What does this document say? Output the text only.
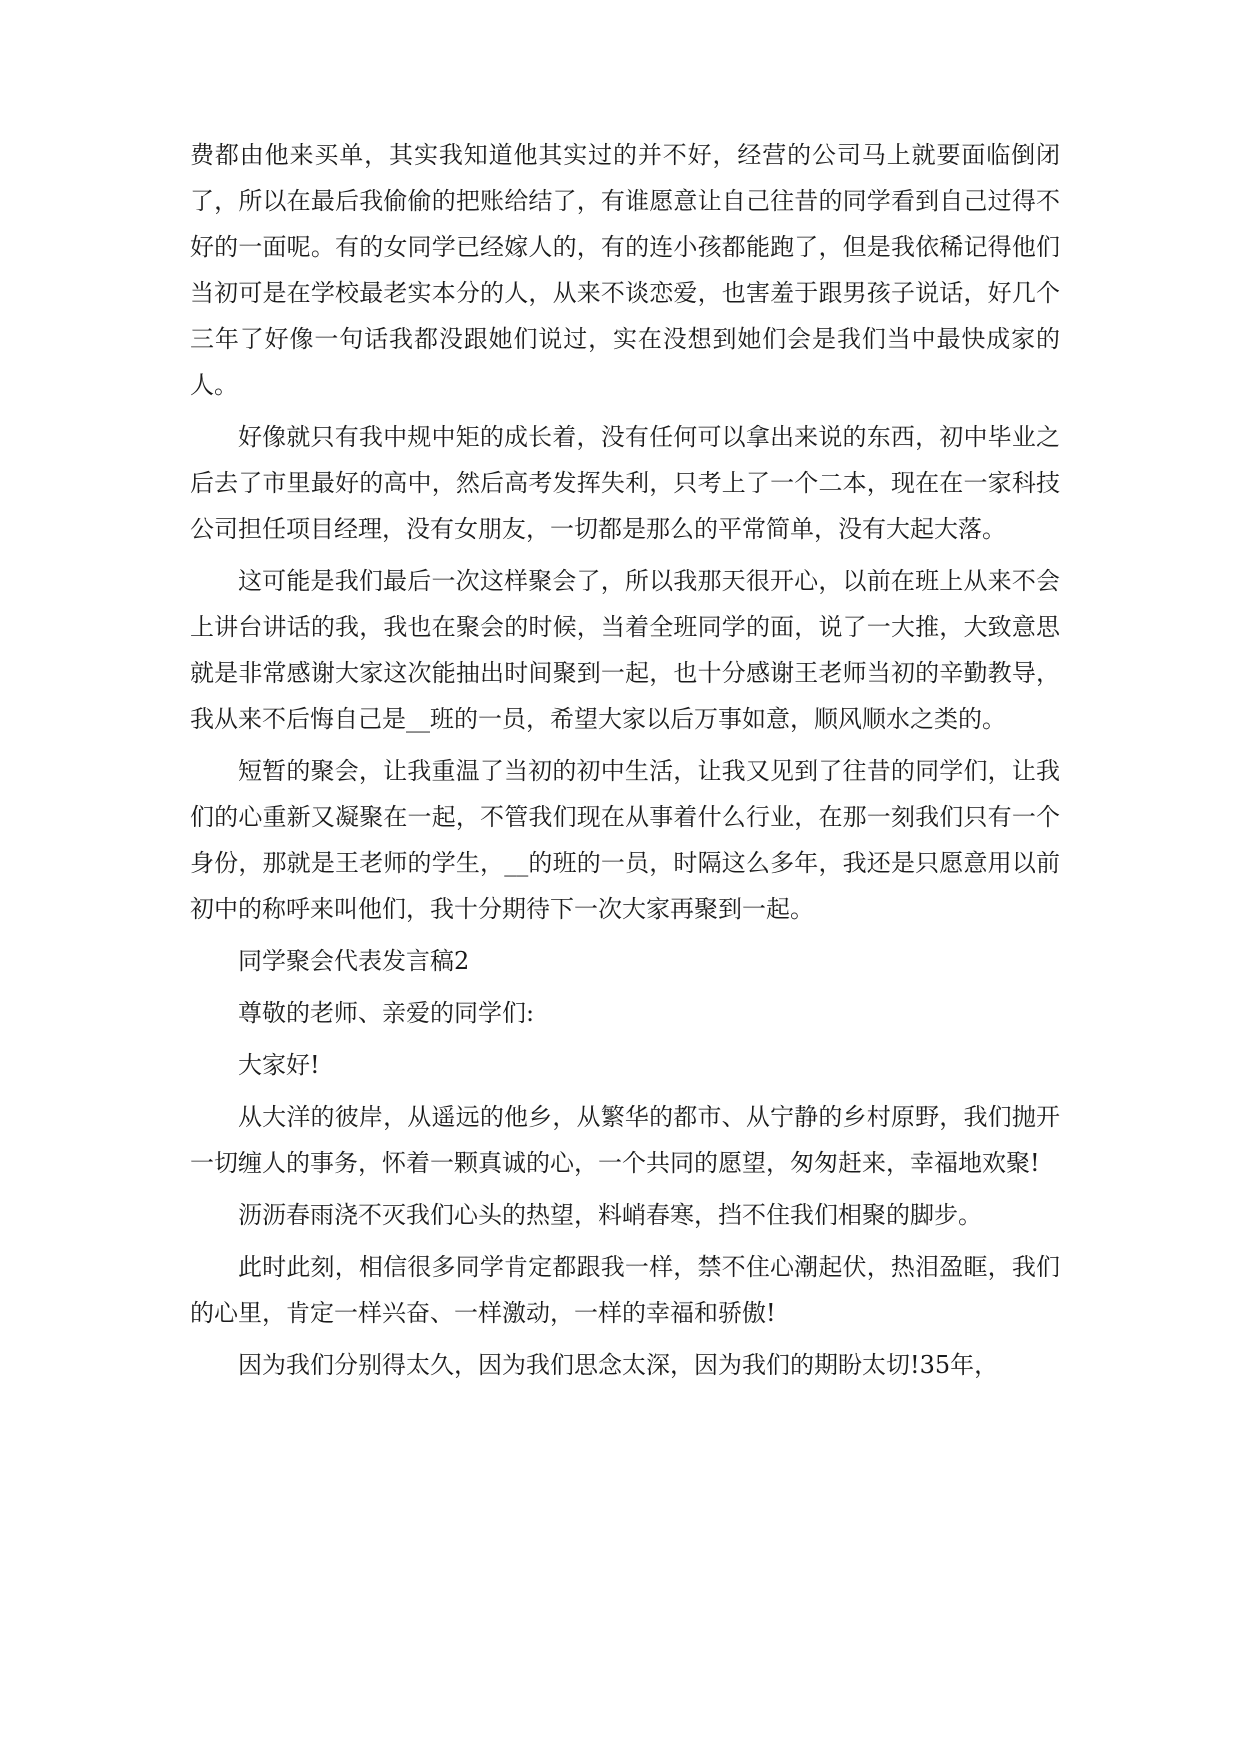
费都由他来买单，其实我知道他其实过的并不好，经营的公司马上就要面临倒闭了，所以在最后我偷偷的把账给结了，有谁愿意让自己往昔的同学看到自己过得不好的一面呢。有的女同学已经嫁人的，有的连小孩都能跑了，但是我依稀记得他们当初可是在学校最老实本分的人，从来不谈恋爱，也害羞于跟男孩子说话，好几个三年了好像一句话我都没跟她们说过，实在没想到她们会是我们当中最快成家的人。

好像就只有我中规中矩的成长着，没有任何可以拿出来说的东西，初中毕业之后去了市里最好的高中，然后高考发挥失利，只考上了一个二本，现在在一家科技公司担任项目经理，没有女朋友，一切都是那么的平常简单，没有大起大落。

这可能是我们最后一次这样聚会了，所以我那天很开心，以前在班上从来不会上讲台讲话的我，我也在聚会的时候，当着全班同学的面，说了一大推，大致意思就是非常感谢大家这次能抽出时间聚到一起，也十分感谢王老师当初的辛勤教导，我从来不后悔自己是__班的一员，希望大家以后万事如意，顺风顺水之类的。

短暂的聚会，让我重温了当初的初中生活，让我又见到了往昔的同学们，让我们的心重新又凝聚在一起，不管我们现在从事着什么行业，在那一刻我们只有一个身份，那就是王老师的学生，__的班的一员，时隔这么多年，我还是只愿意用以前初中的称呼来叫他们，我十分期待下一次大家再聚到一起。

同学聚会代表发言稿2

尊敬的老师、亲爱的同学们:

大家好!

从大洋的彼岸，从遥远的他乡，从繁华的都市、从宁静的乡村原野，我们抛开一切缠人的事务，怀着一颗真诚的心，一个共同的愿望，匆匆赶来，幸福地欢聚!

沥沥春雨浇不灭我们心头的热望，料峭春寒，挡不住我们相聚的脚步。

此时此刻，相信很多同学肯定都跟我一样，禁不住心潮起伏，热泪盈眶，我们的心里，肯定一样兴奋、一样激动，一样的幸福和骄傲!

因为我们分别得太久，因为我们思念太深，因为我们的期盼太切!35年，
